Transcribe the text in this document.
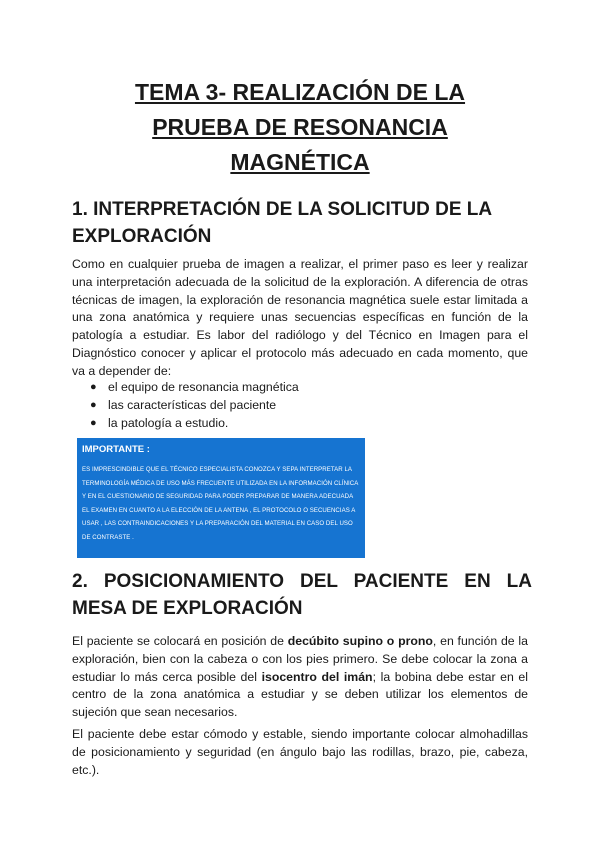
TEMA 3- REALIZACIÓN DE LA
PRUEBA DE RESONANCIA
MAGNÉTICA
1. INTERPRETACIÓN DE LA SOLICITUD DE LA
EXPLORACIÓN

Como en cualquier prueba de imagen a realizar, el primer paso es leer y realizar una interpretación adecuada de la solicitud de la exploración. A diferencia de otras técnicas de imagen, la exploración de resonancia magnética suele estar limitada a una zona anatómica y requiere unas secuencias específicas en función de la patología a estudiar. Es labor del radiólogo y del Técnico en Imagen para el Diagnóstico conocer y aplicar el protocolo más adecuado en cada momento, que va a depender de:

● el equipo de resonancia magnética
● las características del paciente
● la patología a estudio.
IMPORTANTE :

ES IMPRESCINDIBLE QUE EL TÉCNICO ESPECIALISTA CONOZCA Y SEPA INTERPRETAR LA TERMINOLOGÍA MÉDICA DE USO MÁS FRECUENTE UTILIZADA EN LA INFORMACIÓN CLÍNICA Y EN EL CUESTIONARIO DE SEGURIDAD PARA PODER PREPARAR DE MANERA ADECUADA EL EXAMEN EN CUANTO A LA ELECCIÓN DE LA ANTENA , EL PROTOCOLO O SECUENCIAS A USAR , LAS CONTRAINDICACIONES Y LA PREPARACIÓN DEL MATERIAL EN CASO DEL USO DE CONTRASTE .

2. POSICIONAMIENTO DEL PACIENTE EN LA
MESA DE EXPLORACIÓN

El paciente se colocará en posición de decúbito supino o prono, en función de la exploración, bien con la cabeza o con los pies primero. Se debe colocar la zona a estudiar lo más cerca posible del isocentro del imán; la bobina debe estar en el centro de la zona anatómica a estudiar y se deben utilizar los elementos de sujeción que sean necesarios.

El paciente debe estar cómodo y estable, siendo importante colocar almohadillas de posicionamiento y seguridad (en ángulo bajo las rodillas, brazo, pie, cabeza, etc.).
